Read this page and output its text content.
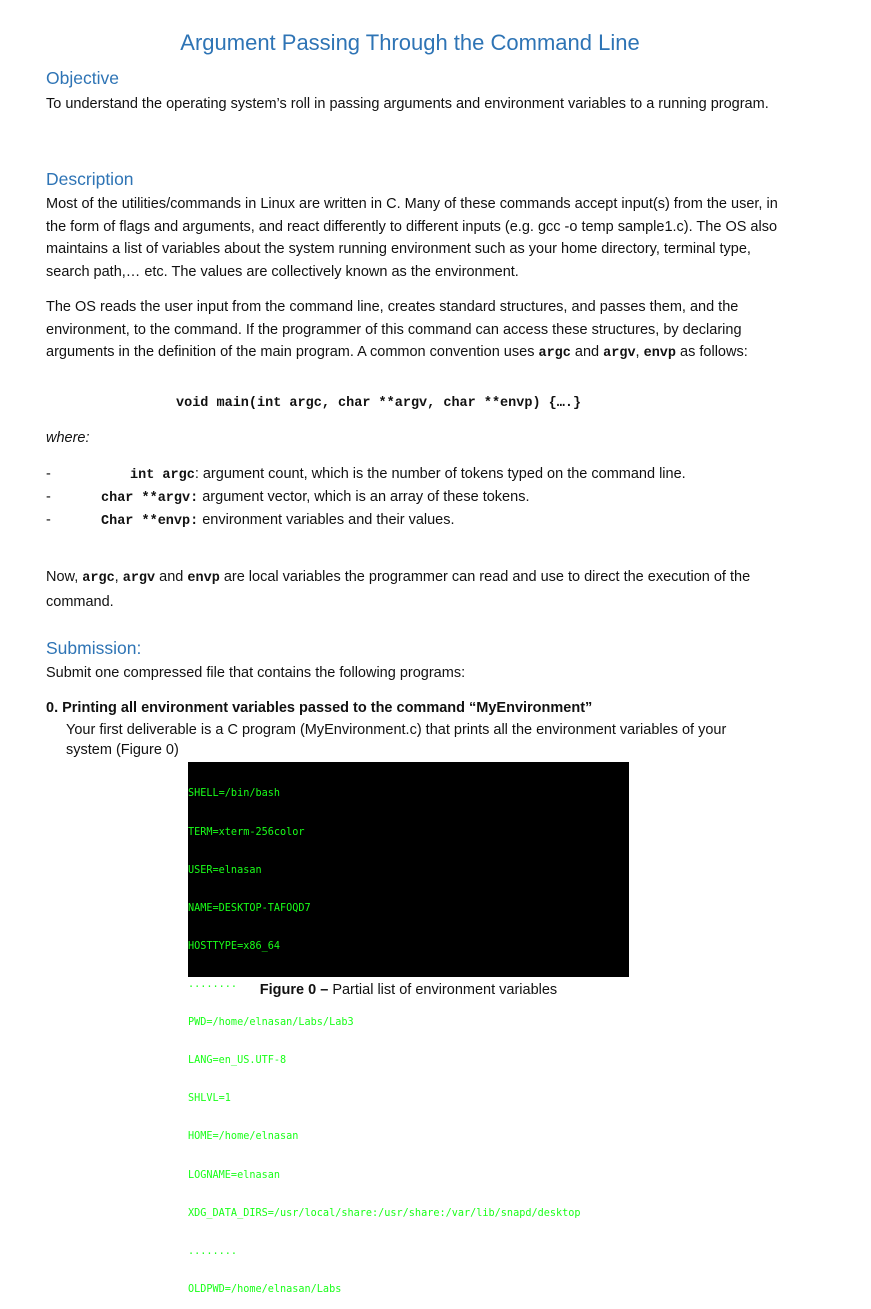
Argument Passing Through the Command Line
Objective
To understand the operating system’s roll in passing arguments and environment variables to a running program.
Description
Most of the utilities/commands in Linux are written in C. Many of these commands accept input(s) from the user, in the form of flags and arguments, and react differently to different inputs (e.g. gcc -o temp sample1.c). The OS also maintains a list of variables about the system running environment such as your home directory, terminal type, search path,… etc. The values are collectively known as the environment.
The OS reads the user input from the command line, creates standard structures, and passes them, and the environment, to the command. If the programmer of this command can access these structures, by declaring arguments in the definition of the main program. A common convention uses argc and argv, envp as follows:
void main(int argc, char **argv, char **envp) {….}
where:
-	int argc: argument count, which is the number of tokens typed on the command line.
-	char **argv: argument vector, which is an array of these tokens.
-	Char **envp: environment variables and their values.
Now, argc, argv and envp are local variables the programmer can read and use to direct the execution of the command.
Submission:
Submit one compressed file that contains the following programs:
0. Printing all environment variables passed to the command “MyEnvironment”
Your first deliverable is a C program (MyEnvironment.c) that prints all the environment variables of your system (Figure 0)

SHELL=/bin/bash

TERM=xterm-256color

USER=elnasan

NAME=DESKTOP-TAFOQD7

HOSTTYPE=x86_64

........

PWD=/home/elnasan/Labs/Lab3

LANG=en_US.UTF-8

SHLVL=1

HOME=/home/elnasan

LOGNAME=elnasan

XDG_DATA_DIRS=/usr/local/share:/usr/share:/var/lib/snapd/desktop

........

OLDPWD=/home/elnasan/Labs

Figure 0 – Partial list of environment variables
